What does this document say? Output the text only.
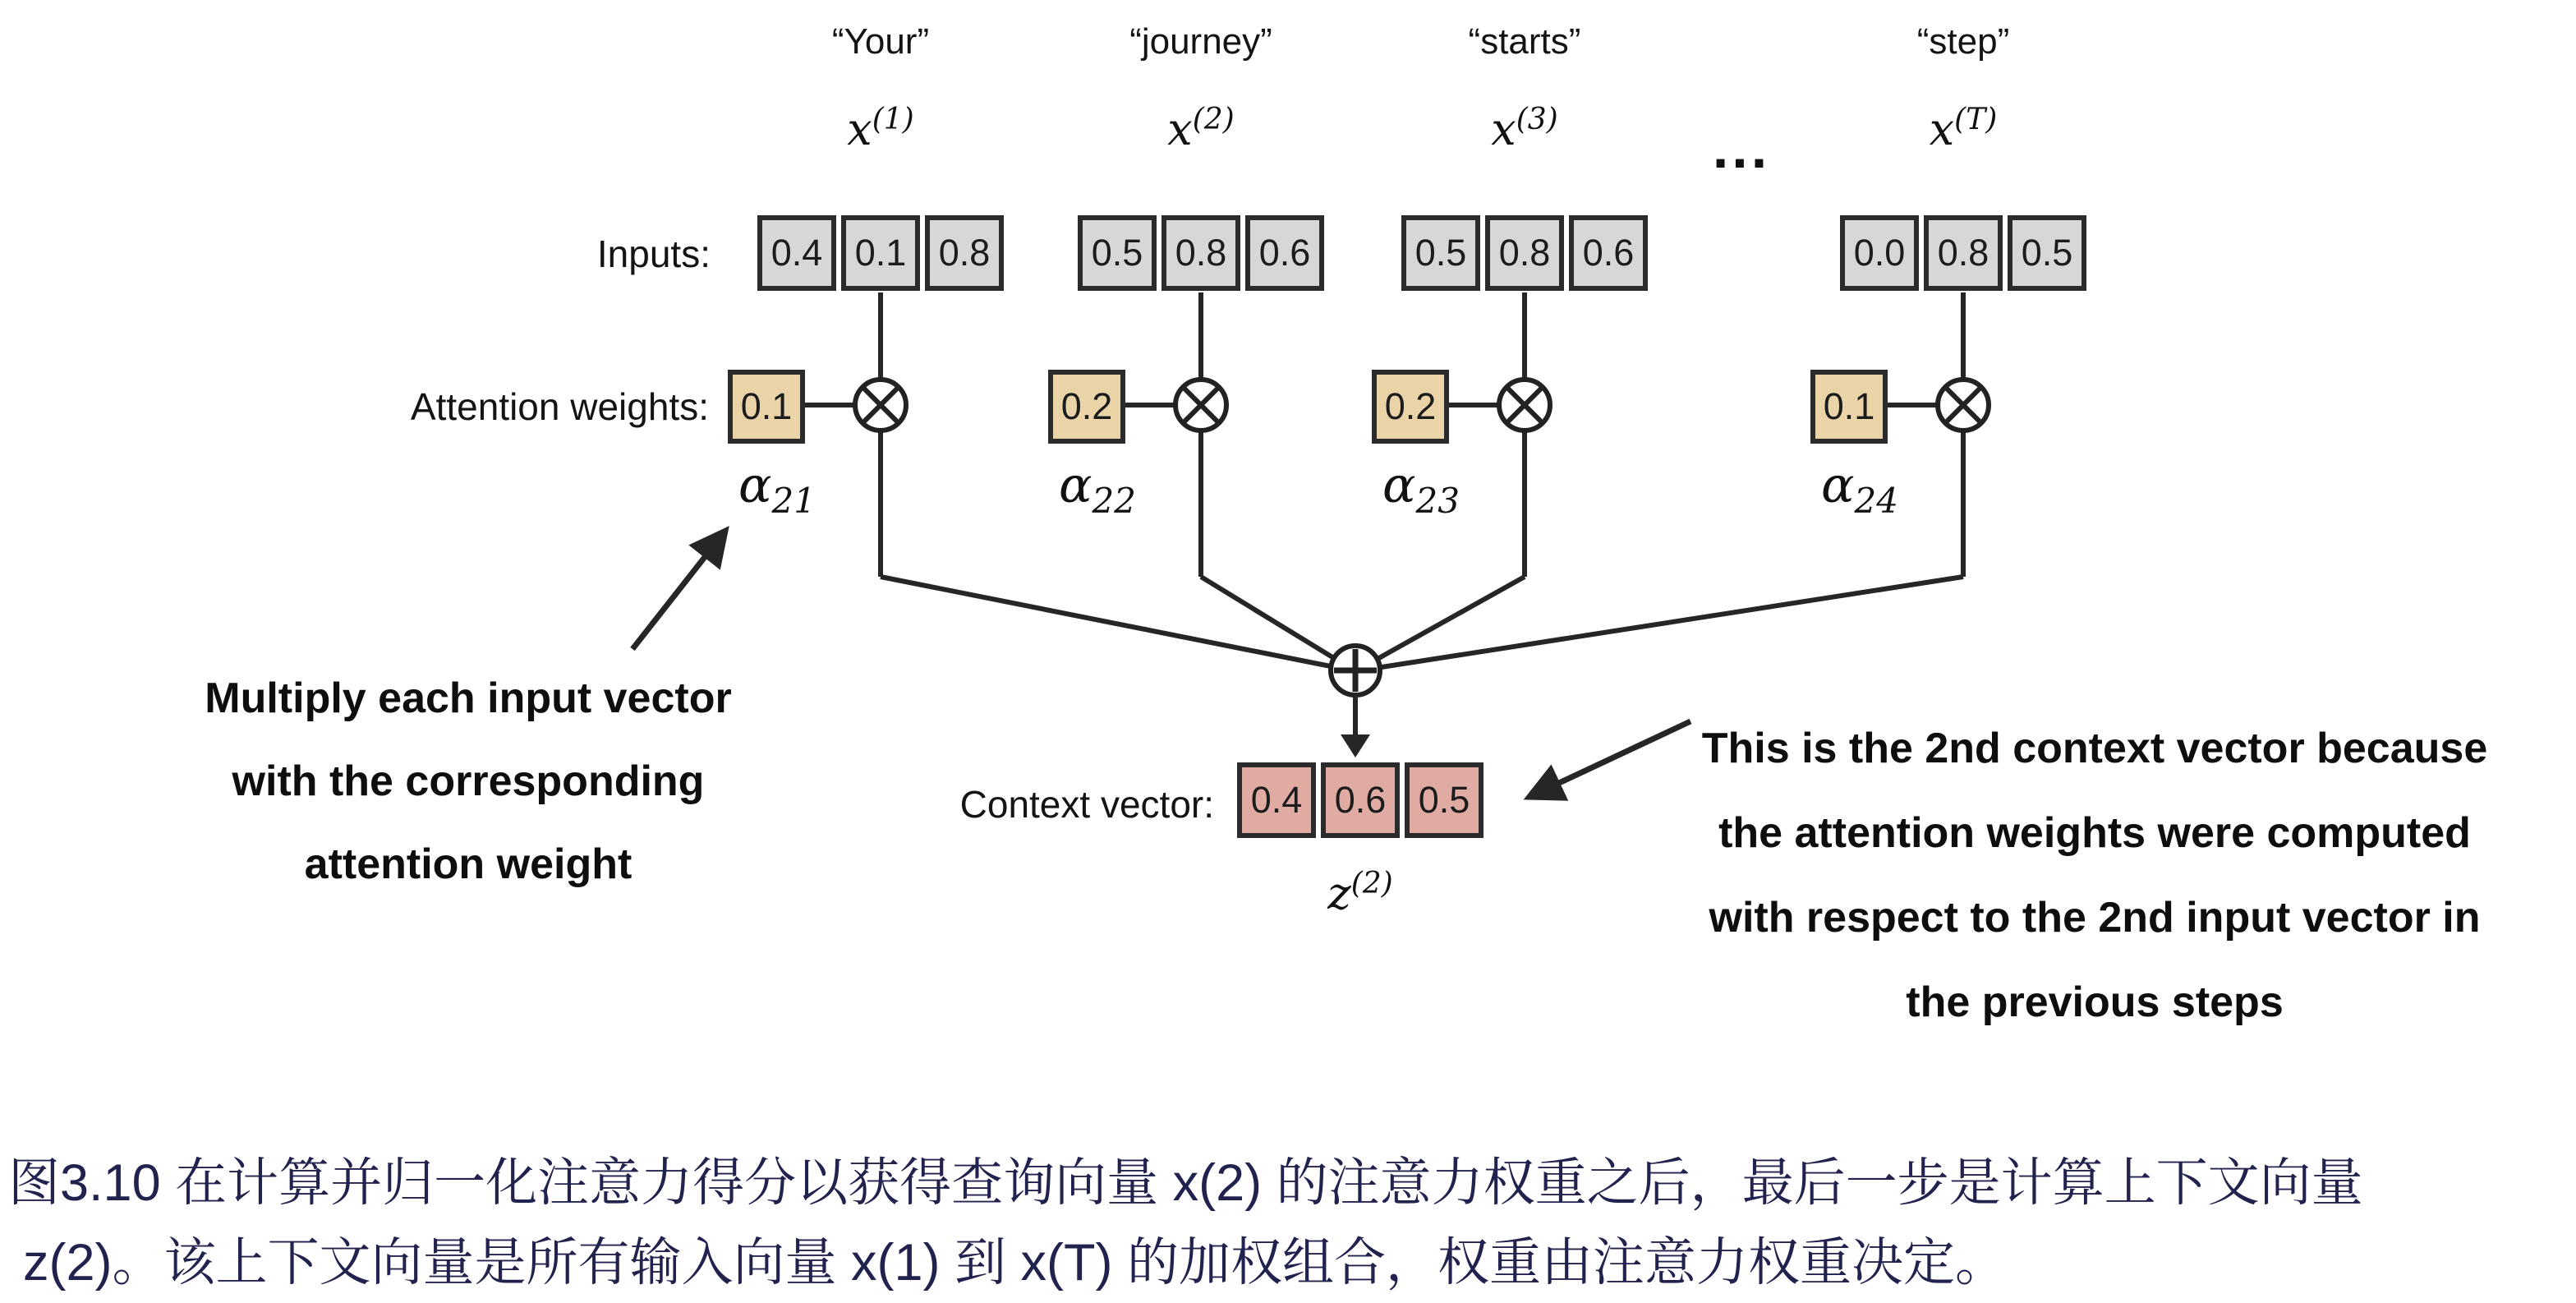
“Your”	“journey”	“starts”	“step”
$x^{(1)}$	$x^{(2)}$	$x^{(3)}$	$x^{(T)}$
...
Inputs:	0.4 0.1 0.8	0.5 0.8 0.6	0.5 0.8 0.6	0.0 0.8 0.5
Attention weights: 0.1	0.2	0.2	0.1
$\alpha_{21}$	$\alpha_{22}$	$\alpha_{23}$	$\alpha_{24}$
Multiply each input vector
with the corresponding
attention weight
This is the 2nd context vector because
the attention weights were computed
with respect to the 2nd input vector in
the previous steps
Context vector: 0.4 0.6 0.5
$z^{(2)}$
图3.10 在计算并归一化注意力得分以获得查询向量 x(2) 的注意力权重之后，最后一步是计算上下文向量
z(2)。该上下文向量是所有输入向量 x(1) 到 x(T) 的加权组合，权重由注意力权重决定。
